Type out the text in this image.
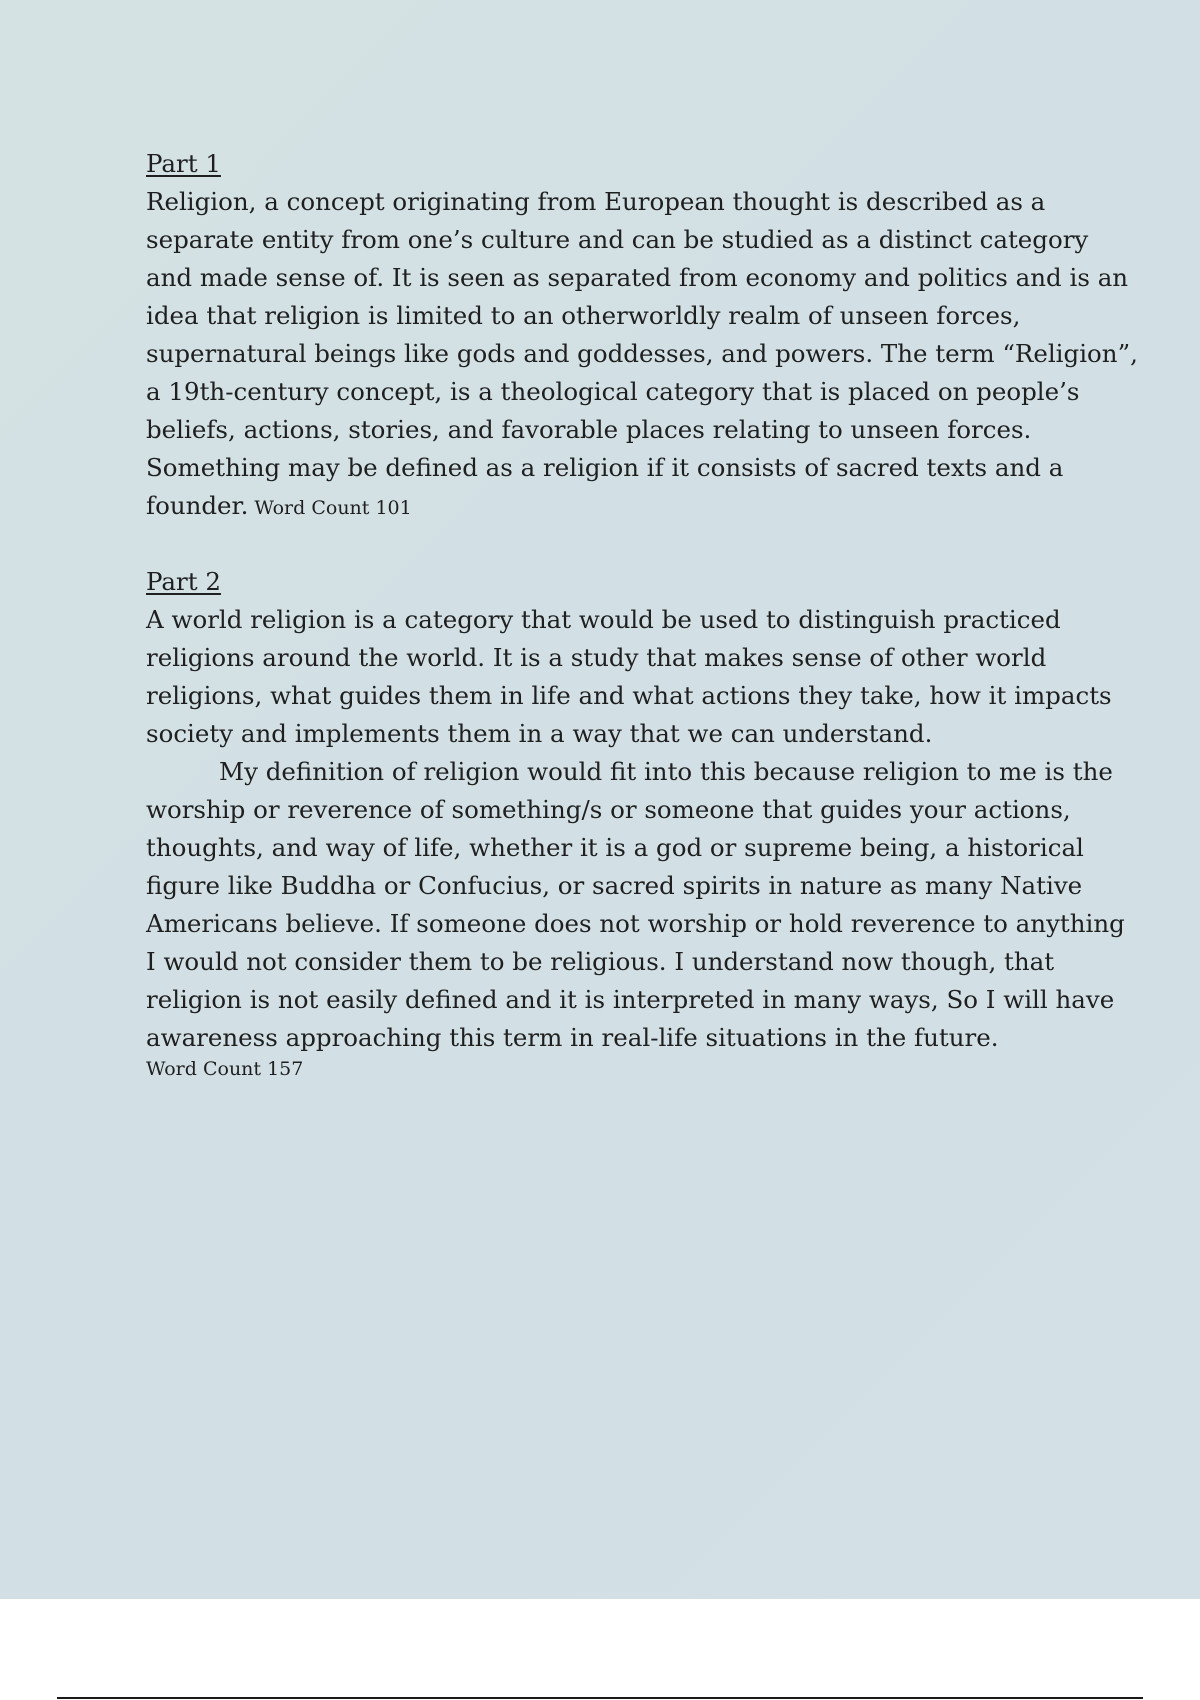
Part 1
Religion, a concept originating from European thought is described as a
separate entity from one’s culture and can be studied as a distinct category
and made sense of. It is seen as separated from economy and politics and is an
idea that religion is limited to an otherworldly realm of unseen forces,
supernatural beings like gods and goddesses, and powers. The term “Religion”,
a 19th-century concept, is a theological category that is placed on people’s
beliefs, actions, stories, and favorable places relating to unseen forces.
Something may be defined as a religion if it consists of sacred texts and a
founder. Word Count 101
Part 2
A world religion is a category that would be used to distinguish practiced
religions around the world. It is a study that makes sense of other world
religions, what guides them in life and what actions they take, how it impacts
society and implements them in a way that we can understand.
My definition of religion would fit into this because religion to me is the
worship or reverence of something/s or someone that guides your actions,
thoughts, and way of life, whether it is a god or supreme being, a historical
figure like Buddha or Confucius, or sacred spirits in nature as many Native
Americans believe. If someone does not worship or hold reverence to anything
I would not consider them to be religious. I understand now though, that
religion is not easily defined and it is interpreted in many ways, So I will have
awareness approaching this term in real-life situations in the future.
Word Count 157
